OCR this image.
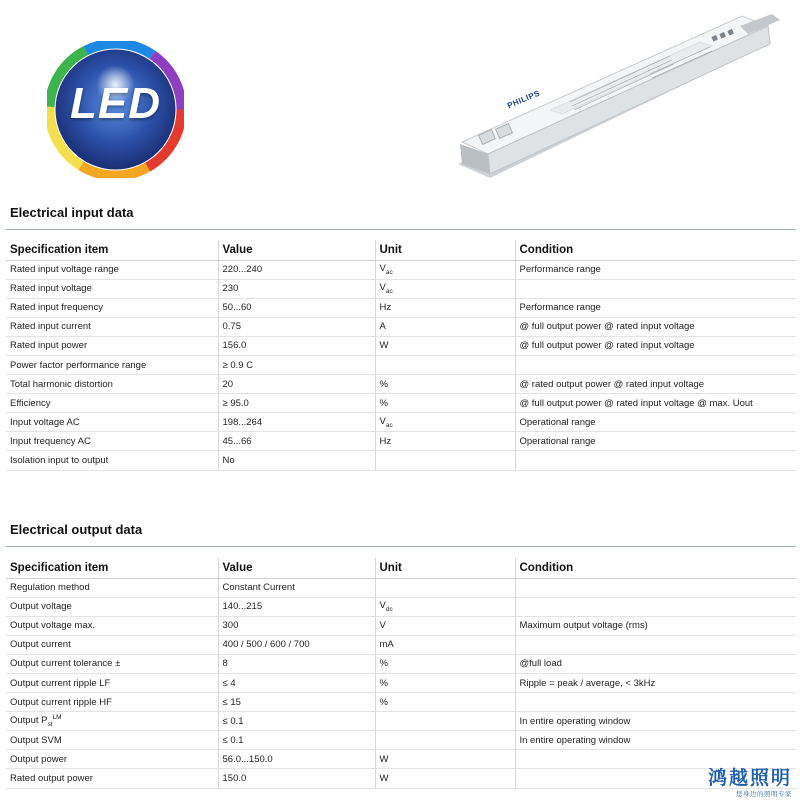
LED	PHILIPS
Electrical input data
Specification item	Value	Unit	Condition
Rated input voltage range	220...240	$V_{ac}$	Performance range
Rated input voltage	230	$V_{ac}$	
Rated input frequency	50...60	Hz	Performance range
Rated input current	0.75	A	@ full output power @ rated input voltage
Rated input power	156.0	W	@ full output power @ rated input voltage
Power factor performance range	≥ 0.9 C		
Total harmonic distortion	20	%	@ rated output power @ rated input voltage
Efficiency	≥ 95.0	%	@ full output power @ rated input voltage @ max. Uout
Input voltage AC	198...264	$V_{ac}$	Operational range
Input frequency AC	45...66	Hz	Operational range
Isolation input to output	No		
Electrical output data
Specification item	Value	Unit	Condition
Regulation method	Constant Current		
Output voltage	140...215	$V_{dc}$	
Output voltage max.	300	V	Maximum output voltage (rms)
Output current	400 / 500 / 600 / 700	mA	
Output current tolerance ±	8	%	@full load
Output current ripple LF	≤ 4	%	Ripple = peak / average, < 3kHz
Output current ripple HF	≤ 15	%	
Output $P_{st}^{LM}$	≤ 0.1		In entire operating window
Output SVM	≤ 0.1		In entire operating window
Output power	56.0...150.0	W	
Rated output power	150.0	W		鸿越照明
您身边的照明专家
